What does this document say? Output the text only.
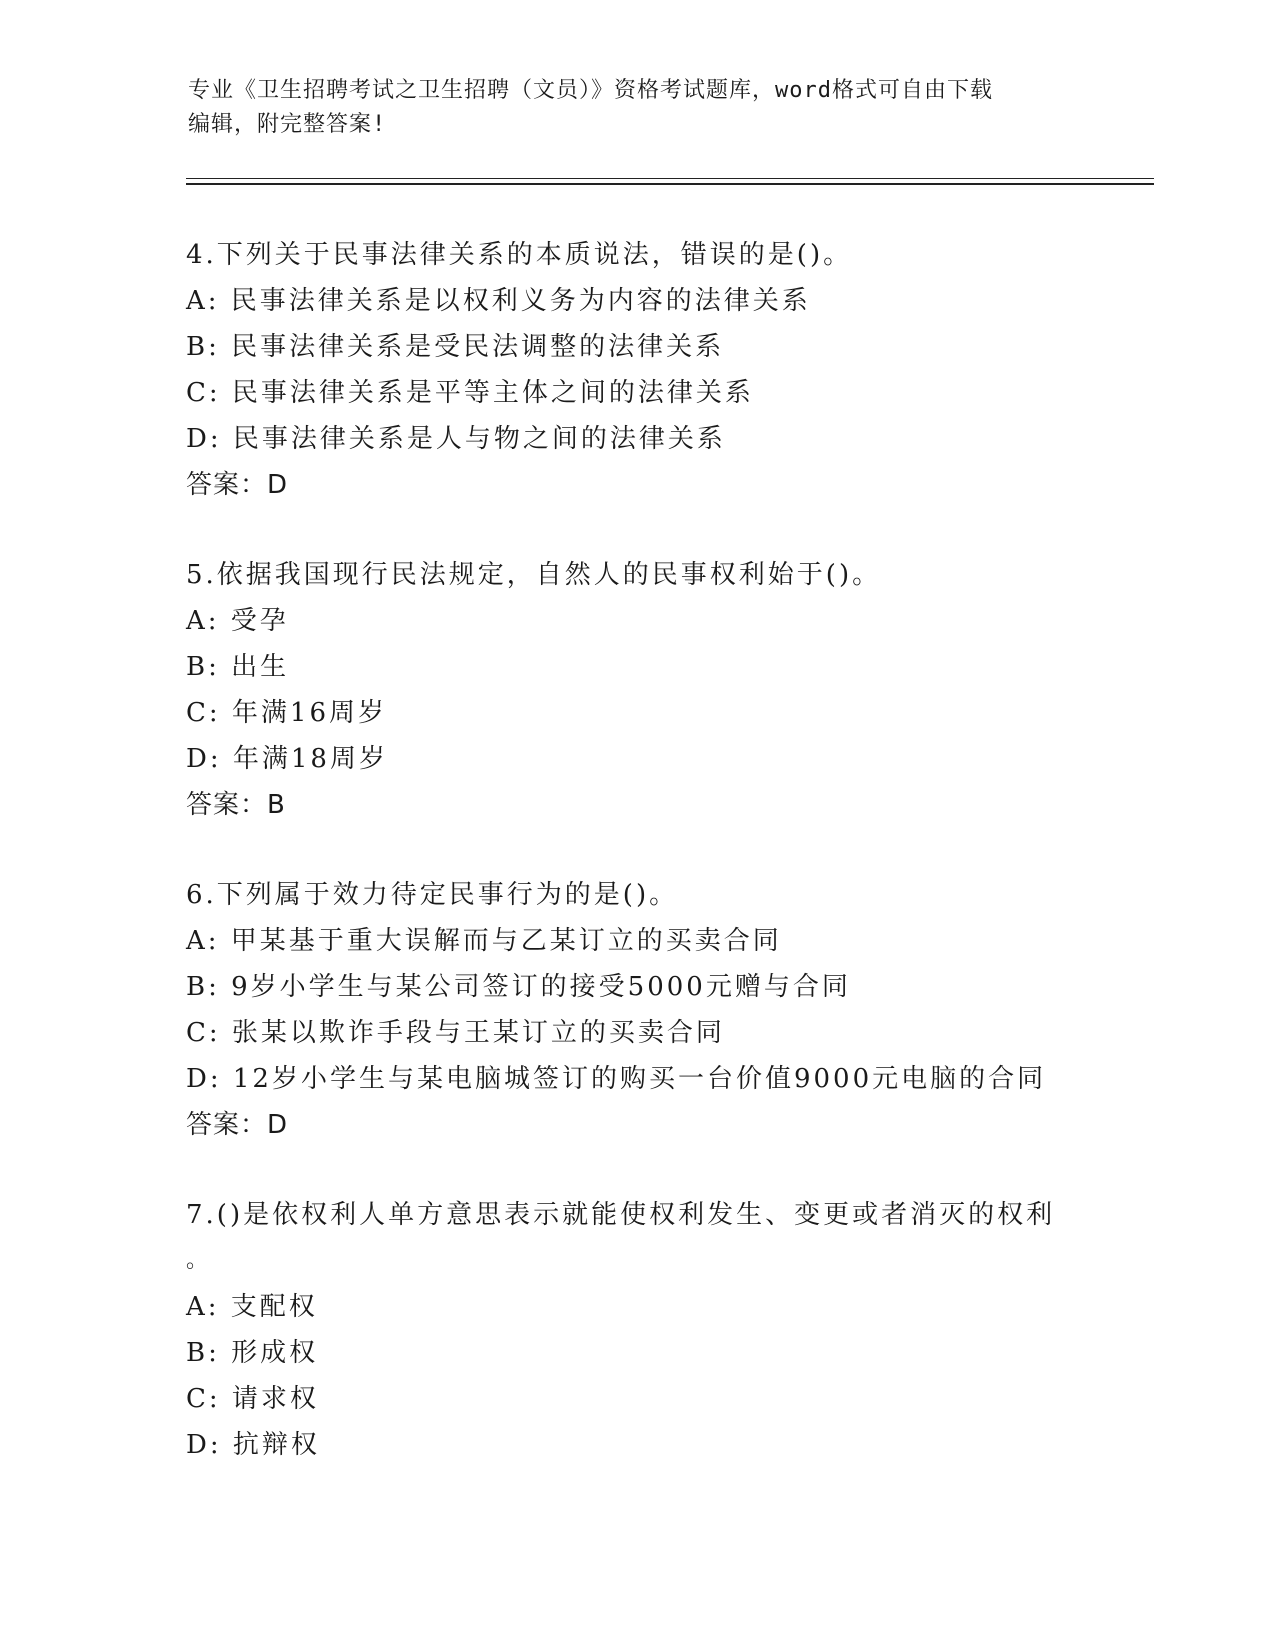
专业《卫生招聘考试之卫生招聘（文员）》资格考试题库，word格式可自由下载
编辑，附完整答案!
4.下列关于民事法律关系的本质说法，错误的是()。
A: 民事法律关系是以权利义务为内容的法律关系
B: 民事法律关系是受民法调整的法律关系
C: 民事法律关系是平等主体之间的法律关系
D: 民事法律关系是人与物之间的法律关系
答案：D
5.依据我国现行民法规定，自然人的民事权利始于()。
A: 受孕
B: 出生
C: 年满16周岁
D: 年满18周岁
答案：B
6.下列属于效力待定民事行为的是()。
A: 甲某基于重大误解而与乙某订立的买卖合同
B: 9岁小学生与某公司签订的接受5000元赠与合同
C: 张某以欺诈手段与王某订立的买卖合同
D: 12岁小学生与某电脑城签订的购买一台价值9000元电脑的合同
答案：D
7.()是依权利人单方意思表示就能使权利发生、变更或者消灭的权利
。
A: 支配权
B: 形成权
C: 请求权
D: 抗辩权
